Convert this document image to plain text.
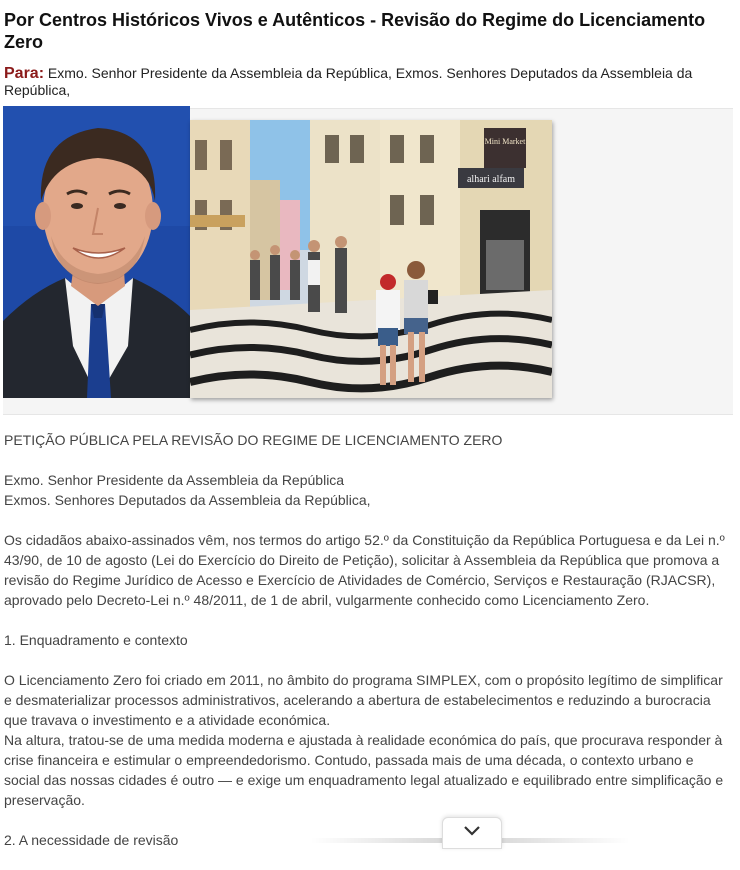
Por Centros Históricos Vivos e Autênticos - Revisão do Regime do Licenciamento Zero
Para: Exmo. Senhor Presidente da Assembleia da República, Exmos. Senhores Deputados da Assembleia da República,
Mini Market
alhari alfam

PETIÇÃO PÚBLICA PELA REVISÃO DO REGIME DE LICENCIAMENTO ZERO

Exmo. Senhor Presidente da Assembleia da República
Exmos. Senhores Deputados da Assembleia da República,

Os cidadãos abaixo-assinados vêm, nos termos do artigo 52.º da Constituição da República Portuguesa e da Lei n.º 43/90, de 10 de agosto (Lei do Exercício do Direito de Petição), solicitar à Assembleia da República que promova a revisão do Regime Jurídico de Acesso e Exercício de Atividades de Comércio, Serviços e Restauração (RJACSR), aprovado pelo Decreto-Lei n.º 48/2011, de 1 de abril, vulgarmente conhecido como Licenciamento Zero.

1. Enquadramento e contexto

O Licenciamento Zero foi criado em 2011, no âmbito do programa SIMPLEX, com o propósito legítimo de simplificar e desmaterializar processos administrativos, acelerando a abertura de estabelecimentos e reduzindo a burocracia que travava o investimento e a atividade económica.
Na altura, tratou-se de uma medida moderna e ajustada à realidade económica do país, que procurava responder à crise financeira e estimular o empreendedorismo. Contudo, passada mais de uma década, o contexto urbano e social das nossas cidades é outro — e exige um enquadramento legal atualizado e equilibrado entre simplificação e preservação.

2. A necessidade de revisão
